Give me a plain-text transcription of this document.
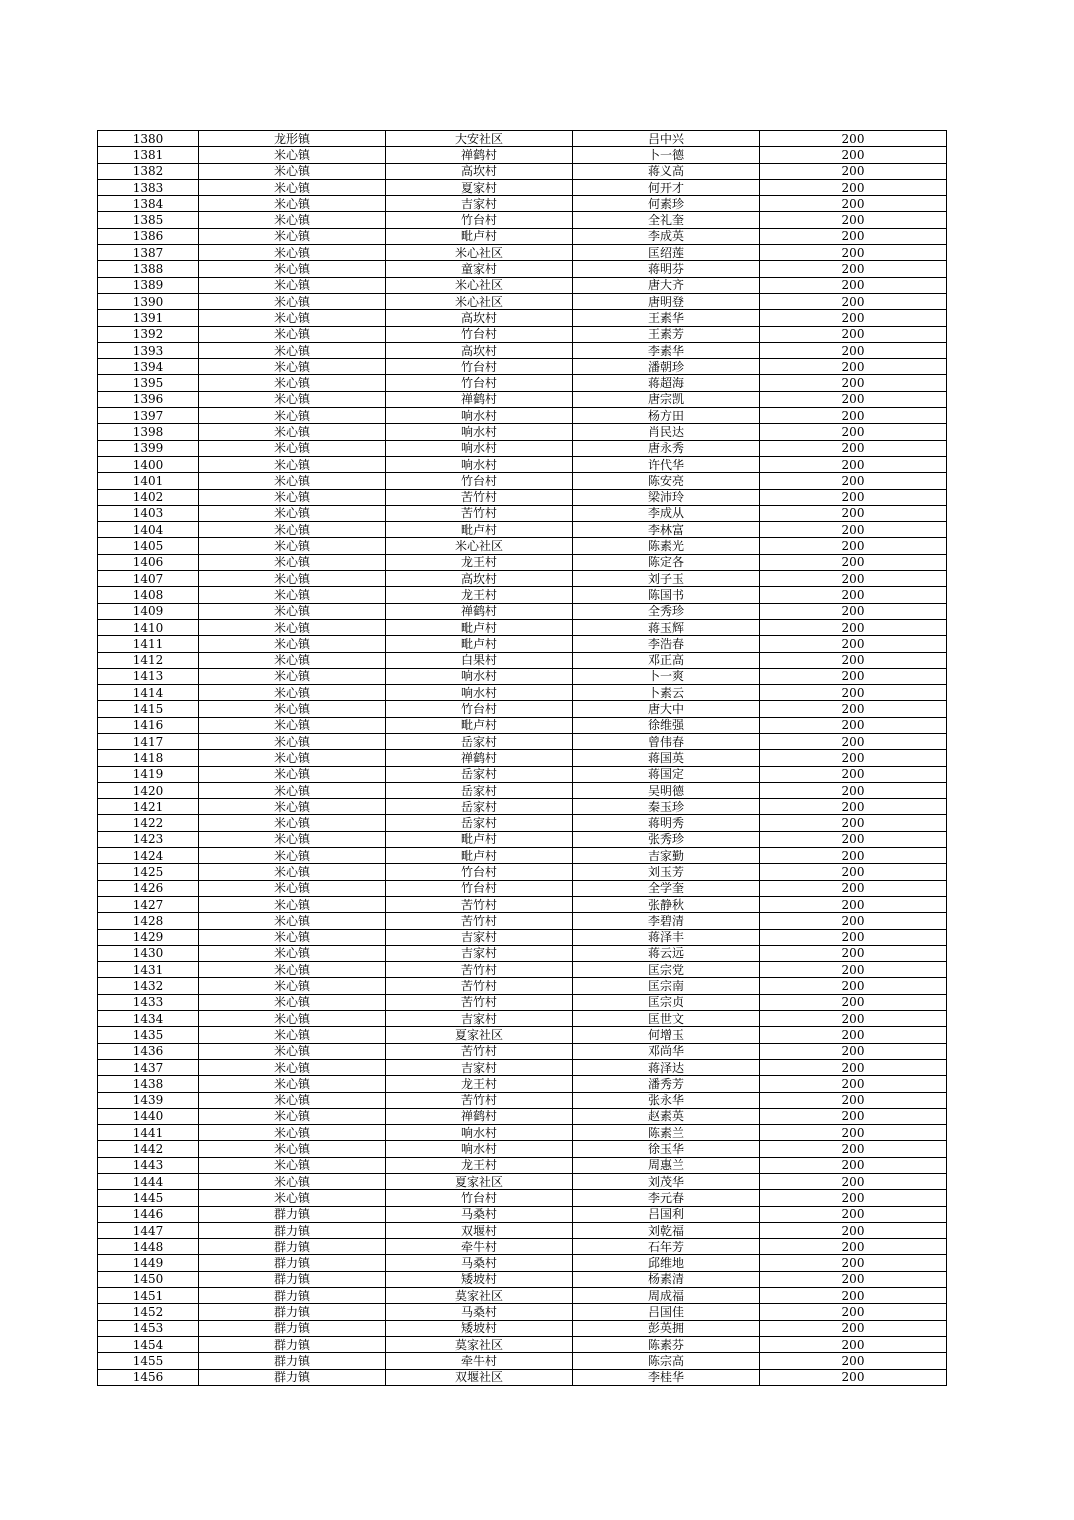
1380	龙形镇	大安社区	吕中兴	200
1381	米心镇	禅鹤村	卜一德	200
1382	米心镇	高坎村	蒋义高	200
1383	米心镇	夏家村	何开才	200
1384	米心镇	吉家村	何素珍	200
1385	米心镇	竹台村	全礼奎	200
1386	米心镇	毗卢村	李成英	200
1387	米心镇	米心社区	匡绍莲	200
1388	米心镇	童家村	蒋明芬	200
1389	米心镇	米心社区	唐大齐	200
1390	米心镇	米心社区	唐明登	200
1391	米心镇	高坎村	王素华	200
1392	米心镇	竹台村	王素芳	200
1393	米心镇	高坎村	李素华	200
1394	米心镇	竹台村	潘朝珍	200
1395	米心镇	竹台村	蒋超海	200
1396	米心镇	禅鹤村	唐宗凯	200
1397	米心镇	响水村	杨方田	200
1398	米心镇	响水村	肖民达	200
1399	米心镇	响水村	唐永秀	200
1400	米心镇	响水村	许代华	200
1401	米心镇	竹台村	陈安亮	200
1402	米心镇	苦竹村	梁沛玲	200
1403	米心镇	苦竹村	李成从	200
1404	米心镇	毗卢村	李林富	200
1405	米心镇	米心社区	陈素光	200
1406	米心镇	龙王村	陈定各	200
1407	米心镇	高坎村	刘子玉	200
1408	米心镇	龙王村	陈国书	200
1409	米心镇	禅鹤村	全秀珍	200
1410	米心镇	毗卢村	蒋玉辉	200
1411	米心镇	毗卢村	李浩春	200
1412	米心镇	白果村	邓正高	200
1413	米心镇	响水村	卜一爽	200
1414	米心镇	响水村	卜素云	200
1415	米心镇	竹台村	唐大中	200
1416	米心镇	毗卢村	徐维强	200
1417	米心镇	岳家村	曾伟春	200
1418	米心镇	禅鹤村	蒋国英	200
1419	米心镇	岳家村	蒋国定	200
1420	米心镇	岳家村	吴明德	200
1421	米心镇	岳家村	秦玉珍	200
1422	米心镇	岳家村	蒋明秀	200
1423	米心镇	毗卢村	张秀珍	200
1424	米心镇	毗卢村	吉家勤	200
1425	米心镇	竹台村	刘玉芳	200
1426	米心镇	竹台村	全学奎	200
1427	米心镇	苦竹村	张静秋	200
1428	米心镇	苦竹村	李碧清	200
1429	米心镇	吉家村	蒋泽丰	200
1430	米心镇	吉家村	蒋云远	200
1431	米心镇	苦竹村	匡宗党	200
1432	米心镇	苦竹村	匡宗南	200
1433	米心镇	苦竹村	匡宗贞	200
1434	米心镇	吉家村	匡世文	200
1435	米心镇	夏家社区	何增玉	200
1436	米心镇	苦竹村	邓尚华	200
1437	米心镇	吉家村	蒋泽达	200
1438	米心镇	龙王村	潘秀芳	200
1439	米心镇	苦竹村	张永华	200
1440	米心镇	禅鹤村	赵素英	200
1441	米心镇	响水村	陈素兰	200
1442	米心镇	响水村	徐玉华	200
1443	米心镇	龙王村	周惠兰	200
1444	米心镇	夏家社区	刘茂华	200
1445	米心镇	竹台村	李元春	200
1446	群力镇	马桑村	吕国利	200
1447	群力镇	双堰村	刘乾福	200
1448	群力镇	牵牛村	石年芳	200
1449	群力镇	马桑村	邱维地	200
1450	群力镇	矮坡村	杨素清	200
1451	群力镇	莫家社区	周成福	200
1452	群力镇	马桑村	吕国佳	200
1453	群力镇	矮坡村	彭英拥	200
1454	群力镇	莫家社区	陈素芬	200
1455	群力镇	牵牛村	陈宗高	200
1456	群力镇	双堰社区	李桂华	200
